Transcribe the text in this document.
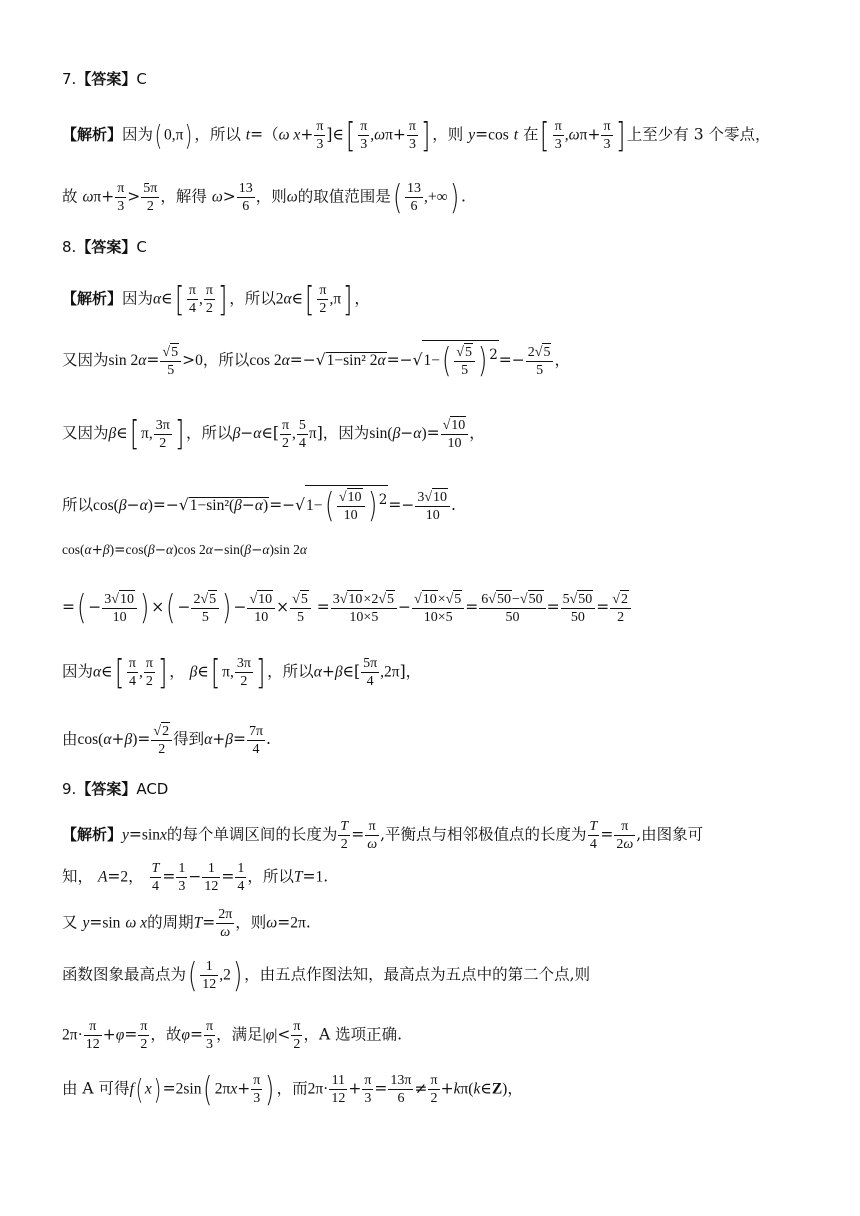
7.【答案】C
【解析】因为( 0,π) ，所以 t=（ω $x+ \frac{\pi}{3}$ ]∈[ $\frac{\pi}{3} ,\omega\pi+ \frac{\pi}{3}$ ] ，则 y=cos t 在[ $\frac{\pi}{3} ,\omega\pi+ \frac{\pi}{3}$ ] 上至少有 3 个零点，
故 $\omega\pi+ \frac{\pi}{3} > \frac{5\pi}{2}$ ，解得 $\omega> \frac{13}{6}$ ，则ω的取值范围是( $\frac{13}{6}$ ,+∞) .
8.【答案】C
【解析】因为α∈[ $\frac{\pi}{4}$ , $\frac{\pi}{2}$ ] ，所以2α∈[ $\frac{\pi}{2} ,\pi$] ，
又因为$\sin 2\alpha= \frac{√5}{5} >0$，所以cos 2α=−√1−sin² $2\alpha=-√1-( \frac{√5}{5}$ ) $^2=- \frac{2√5}{5}$ ，
又因为β∈[ π, $\frac{3\pi}{2}$ ] ，所以β−α∈[ $\frac{\pi}{2}$ , $\frac{5}{4} \pi$]，因为$\sin(\beta-\alpha)= \frac{√10}{10}$ ，
所以$\cos(\beta-\alpha)=-√1-\sin^2(\beta-\alpha)=-√1-( \frac{√10}{10}$ ) $^2=- \frac{3√10}{10}$ .
cos(α+β)=cos(β−α)cos 2α−sin(β−α)sin 2α
=( − $\frac{3√10}{10}$ ) ×( − $\frac{2√5}{5}$ ) − $\frac{√10}{10} \times \frac{√5}{5} = \frac{3√10\times 2√5}{10\times 5} - \frac{√10\times√5}{10\times 5} = \frac{6√50-√50}{50} = \frac{5√50}{50} = \frac{√2}{2}$
因为α∈[ $\frac{\pi}{4}$ , $\frac{\pi}{2}$ ] ， β∈[ π, $\frac{3\pi}{2}$ ] ，所以α+β∈[ $\frac{5\pi}{4} ,2\pi$]，
由$\cos(\alpha+\beta)= \frac{√2}{2}$ 得到$\alpha+\beta= \frac{7\pi}{4}$ .
9.【答案】ACD
【解析】y=sinx的每个单调区间的长度为 $\frac{T}{2} = \frac{\pi}{\omega}$ ,平衡点与相邻极值点的长度为 $\frac{T}{4} = \frac{\pi}{2\omega}$ ,由图象可
知， A=2， $\frac{T}{4} = \frac{1}{3} - \frac{1}{12} = \frac{1}{4}$ ，所以T=1.
又 y=sin ω x的周期$T= \frac{2\pi}{\omega}$ ，则ω=2π.
函数图象最高点为( $\frac{1}{12} ,2$) ，由五点作图法知，最高点为五点中的第二个点,则
$2\pi\cdot \frac{\pi}{12} +\varphi= \frac{\pi}{2}$ ，故$\varphi= \frac{\pi}{3}$ ，满足$|\varphi|< \frac{\pi}{2}$ ，A 选项正确.
由 A 可得f( x) =2sin( $2\pi x+ \frac{\pi}{3}$ ) ，而$2\pi\cdot \frac{11}{12} + \frac{\pi}{3} = \frac{13\pi}{6} \ne \frac{\pi}{2}$ +kπ(k∈Z)，
